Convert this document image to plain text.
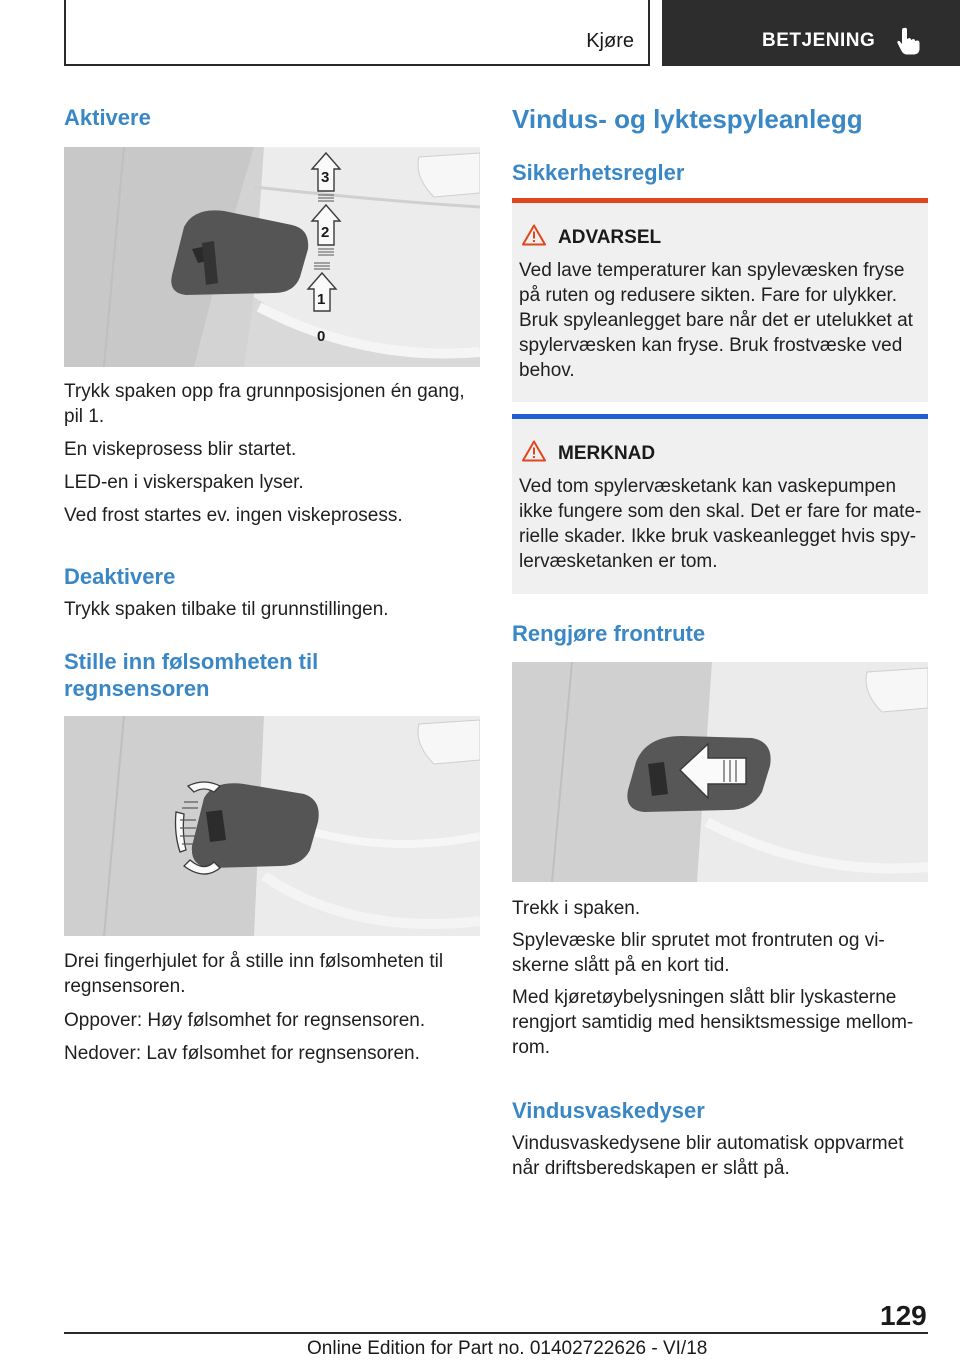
Kjøre	BETJENING
Aktivere
3
2
1
0
Trykk spaken opp fra grunnposisjonen én gang,
pil 1.
En viskeprosess blir startet.
LED-en i viskerspaken lyser.
Ved frost startes ev. ingen viskeprosess.
Deaktivere
Trykk spaken tilbake til grunnstillingen.
Stille inn følsomheten til
regnsensoren
Drei fingerhjulet for å stille inn følsomheten til
regnsensoren.
Oppover: Høy følsomhet for regnsensoren.
Nedover: Lav følsomhet for regnsensoren.
Vindus- og lyktespyleanlegg
Sikkerhetsregler
ADVARSEL
Ved lave temperaturer kan spylevæsken fryse
på ruten og redusere sikten. Fare for ulykker.
Bruk spyleanlegget bare når det er utelukket at
spylervæsken kan fryse. Bruk frostvæske ved
behov.
MERKNAD
Ved tom spylervæsketank kan vaskepumpen
ikke fungere som den skal. Det er fare for mate-
rielle skader. Ikke bruk vaskeanlegget hvis spy-
lervæsketanken er tom.
Rengjøre frontrute
Trekk i spaken.
Spylevæske blir sprutet mot frontruten og vi-
skerne slått på en kort tid.
Med kjøretøybelysningen slått blir lyskasterne
rengjort samtidig med hensiktsmessige mellom-
rom.
Vindusvaskedyser
Vindusvaskedysene blir automatisk oppvarmet
når driftsberedskapen er slått på.
129
Online Edition for Part no. 01402722626 - VI/18
